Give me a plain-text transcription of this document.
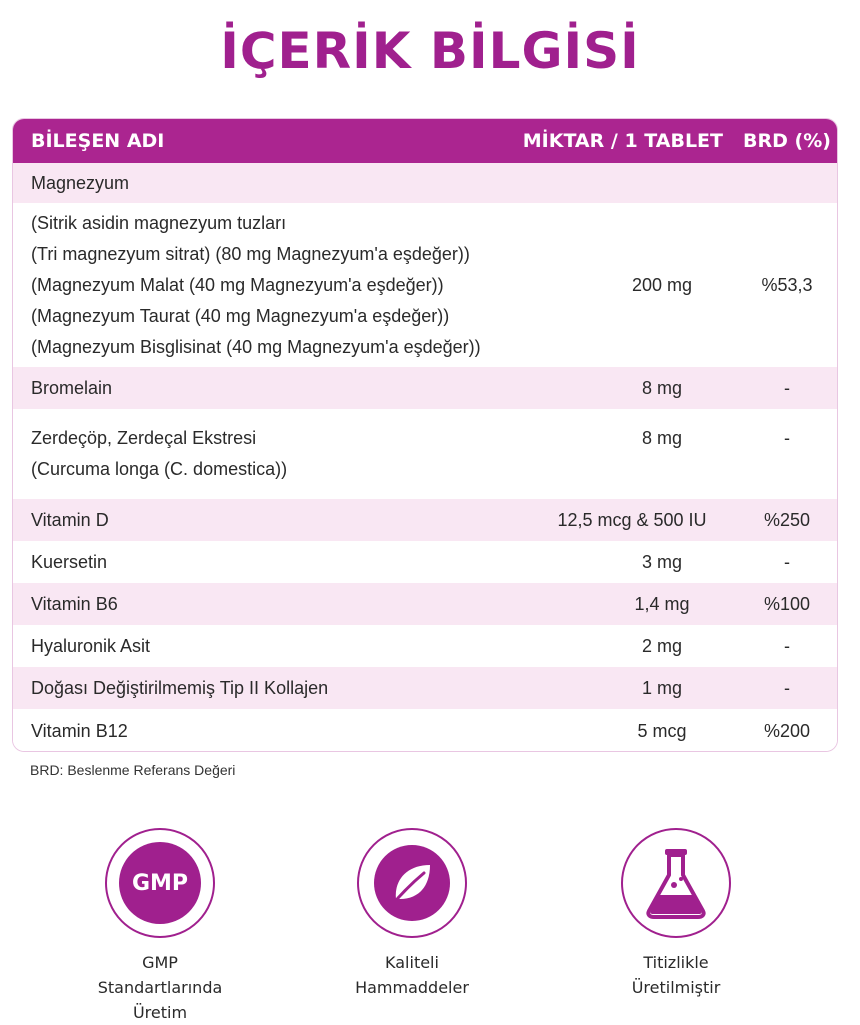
İÇERİK BİLGİSİ
BİLEŞEN ADI	MİKTAR / 1 TABLET	BRD (%)
Magnezyum
(Sitrik asidin magnezyum tuzları
(Tri magnezyum sitrat) (80 mg Magnezyum'a eşdeğer))
(Magnezyum Malat (40 mg Magnezyum'a eşdeğer))
(Magnezyum Taurat (40 mg Magnezyum'a eşdeğer))
(Magnezyum Bisglisinat (40 mg Magnezyum'a eşdeğer))
200 mg	%53,3
Bromelain	8 mg	-
Zerdeçöp, Zerdeçal Ekstresi
(Curcuma longa (C. domestica))
8 mg	-
Vitamin D	12,5 mcg & 500 IU	%250
Kuersetin	3 mg	-
Vitamin B6	1,4 mg	%100
Hyaluronik Asit	2 mg	-
Doğası Değiştirilmemiş Tip II Kollajen	1 mg	-
Vitamin B12	5 mcg	%200
BRD: Beslenme Referans Değeri
GMP
GMP
Standartlarında
Üretim
Kaliteli
Hammaddeler
Titizlikle
Üretilmiştir
